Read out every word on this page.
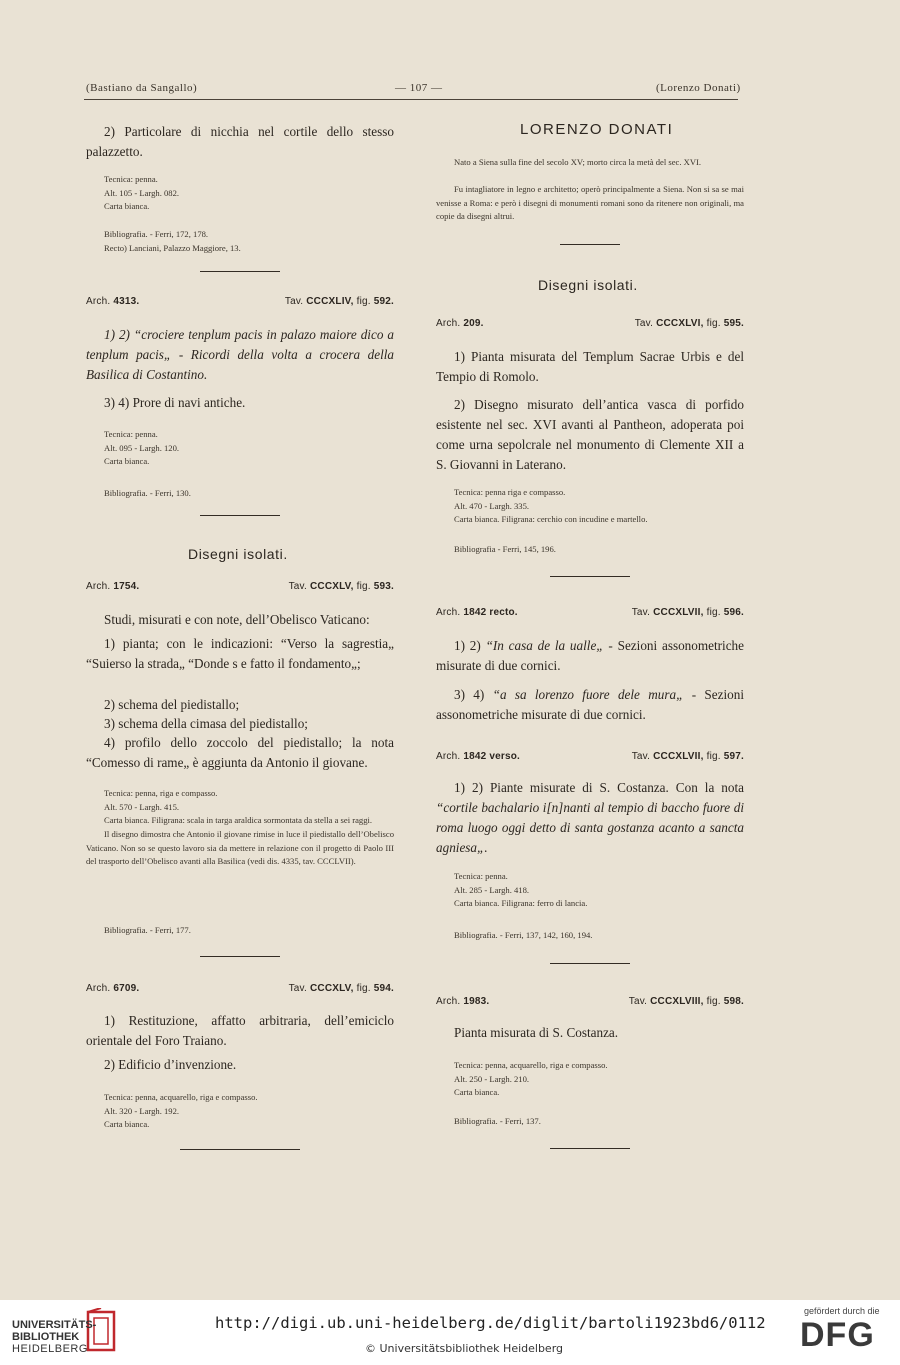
(Bastiano da Sangallo)	— 107 —	(Lorenzo Donati)
2) Particolare di nicchia nel cortile dello stesso palazzetto.
Tecnica: penna.
Alt. 105 - Largh. 082.
Carta bianca.
Bibliografia. - Ferri, 172, 178.
Recto) Lanciani, Palazzo Maggiore, 13.
Arch. 4313.	Tav. CCCXLIV, fig. 592.
1) 2) “crociere tenplum pacis in palazo maiore dico a tenplum pacis„ - Ricordi della volta a crocera della Basilica di Costantino.
3) 4) Prore di navi antiche.
Tecnica: penna.
Alt. 095 - Largh. 120.
Carta bianca.
Bibliografia. - Ferri, 130.
Disegni isolati.
Arch. 1754.	Tav. CCCXLV, fig. 593.
Studi, misurati e con note, dell’Obelisco Vaticano:
1) pianta; con le indicazioni: “Verso la sagrestia„ “Suierso la strada„ “Donde s e fatto il fondamento„;
2) schema del piedistallo;
3) schema della cimasa del piedistallo;
4) profilo dello zoccolo del piedistallo; la nota “Comesso di rame„ è aggiunta da Antonio il giovane.
Tecnica: penna, riga e compasso.
Alt. 570 - Largh. 415.
Carta bianca. Filigrana: scala in targa araldica sormontata da stella a sei raggi.
Il disegno dimostra che Antonio il giovane rimise in luce il piedistallo dell’Obelisco Vaticano. Non so se questo lavoro sia da mettere in relazione con il progetto di Paolo III del trasporto dell’Obelisco avanti alla Basilica (vedi dis. 4335, tav. CCCLVII).
Bibliografia. - Ferri, 177.
Arch. 6709.	Tav. CCCXLV, fig. 594.
1) Restituzione, affatto arbitraria, dell’emiciclo orientale del Foro Traiano.
2) Edificio d’invenzione.
Tecnica: penna, acquarello, riga e compasso.
Alt. 320 - Largh. 192.
Carta bianca.
LORENZO DONATI
Nato a Siena sulla fine del secolo XV; morto circa la metà del sec. XVI.
Fu intagliatore in legno e architetto; operò principalmente a Siena. Non si sa se mai venisse a Roma: e però i disegni di monumenti romani sono da ritenere non originali, ma copie da disegni altrui.
Disegni isolati.
Arch. 209.	Tav. CCCXLVI, fig. 595.
1) Pianta misurata del Templum Sacrae Urbis e del Tempio di Romolo.
2) Disegno misurato dell’antica vasca di porfido esistente nel sec. XVI avanti al Pantheon, adoperata poi come urna sepolcrale nel monumento di Clemente XII a S. Giovanni in Laterano.
Tecnica: penna riga e compasso.
Alt. 470 - Largh. 335.
Carta bianca. Filigrana: cerchio con incudine e martello.
Bibliografia - Ferri, 145, 196.
Arch. 1842 recto.	Tav. CCCXLVII, fig. 596.
1) 2) “In casa de la ualle„ - Sezioni assonometriche misurate di due cornici.
3) 4) “a sa lorenzo fuore dele mura„ - Sezioni assonometriche misurate di due cornici.
Arch. 1842 verso.	Tav. CCCXLVII, fig. 597.
1) 2) Piante misurate di S. Costanza. Con la nota “cortile bachalario i[n]nanti al tempio di baccho fuore di roma luogo oggi detto di santa gostanza acanto a sancta agniesa„.
Tecnica: penna.
Alt. 285 - Largh. 418.
Carta bianca. Filigrana: ferro di lancia.
Bibliografia. - Ferri, 137, 142, 160, 194.
Arch. 1983.	Tav. CCCXLVIII, fig. 598.
Pianta misurata di S. Costanza.
Tecnica: penna, acquarello, riga e compasso.
Alt. 250 - Largh. 210.
Carta bianca.
Bibliografia. - Ferri, 137.
UNIVERSITÄTS-
BIBLIOTHEK
HEIDELBERG
http://digi.ub.uni-heidelberg.de/diglit/bartoli1923bd6/0112
© Universitätsbibliothek Heidelberg
gefördert durch die
DFG
